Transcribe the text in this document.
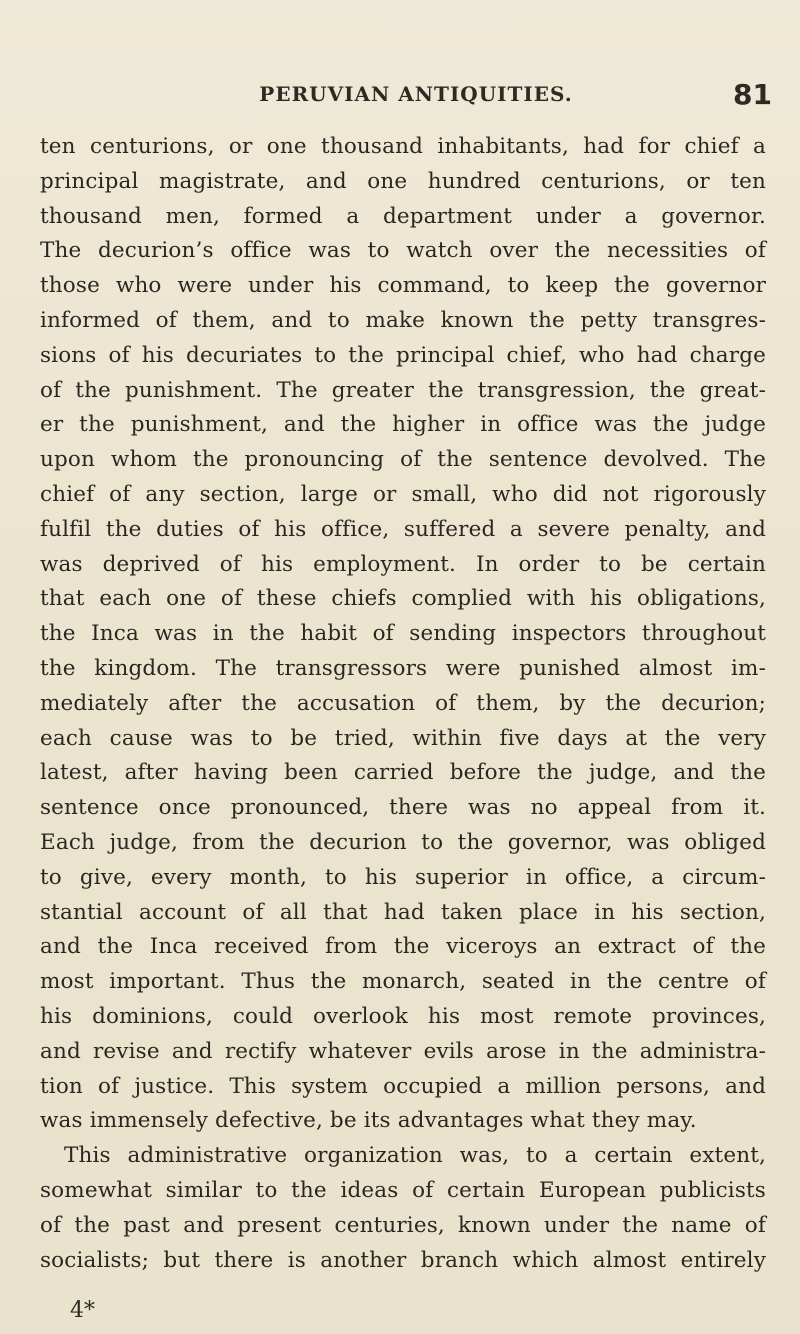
PERUVIAN ANTIQUITIES.	81
ten centurions, or one thousand inhabitants, had for chief a
principal magistrate, and one hundred centurions, or ten
thousand men, formed a department under a governor.
The decurion’s office was to watch over the necessities of
those who were under his command, to keep the governor
informed of them, and to make known the petty transgres-
sions of his decuriates to the principal chief, who had charge
of the punishment. The greater the transgression, the great-
er the punishment, and the higher in office was the judge
upon whom the pronouncing of the sentence devolved. The
chief of any section, large or small, who did not rigorously
fulfil the duties of his office, suffered a severe penalty, and
was deprived of his employment. In order to be certain
that each one of these chiefs complied with his obligations,
the Inca was in the habit of sending inspectors throughout
the kingdom. The transgressors were punished almost im-
mediately after the accusation of them, by the decurion;
each cause was to be tried, within five days at the very
latest, after having been carried before the judge, and the
sentence once pronounced, there was no appeal from it.
Each judge, from the decurion to the governor, was obliged
to give, every month, to his superior in office, a circum-
stantial account of all that had taken place in his section,
and the Inca received from the viceroys an extract of the
most important. Thus the monarch, seated in the centre of
his dominions, could overlook his most remote provinces,
and revise and rectify whatever evils arose in the administra-
tion of justice. This system occupied a million persons, and
was immensely defective, be its advantages what they may.
This administrative organization was, to a certain extent,
somewhat similar to the ideas of certain European publicists
of the past and present centuries, known under the name of
socialists; but there is another branch which almost entirely
4*
